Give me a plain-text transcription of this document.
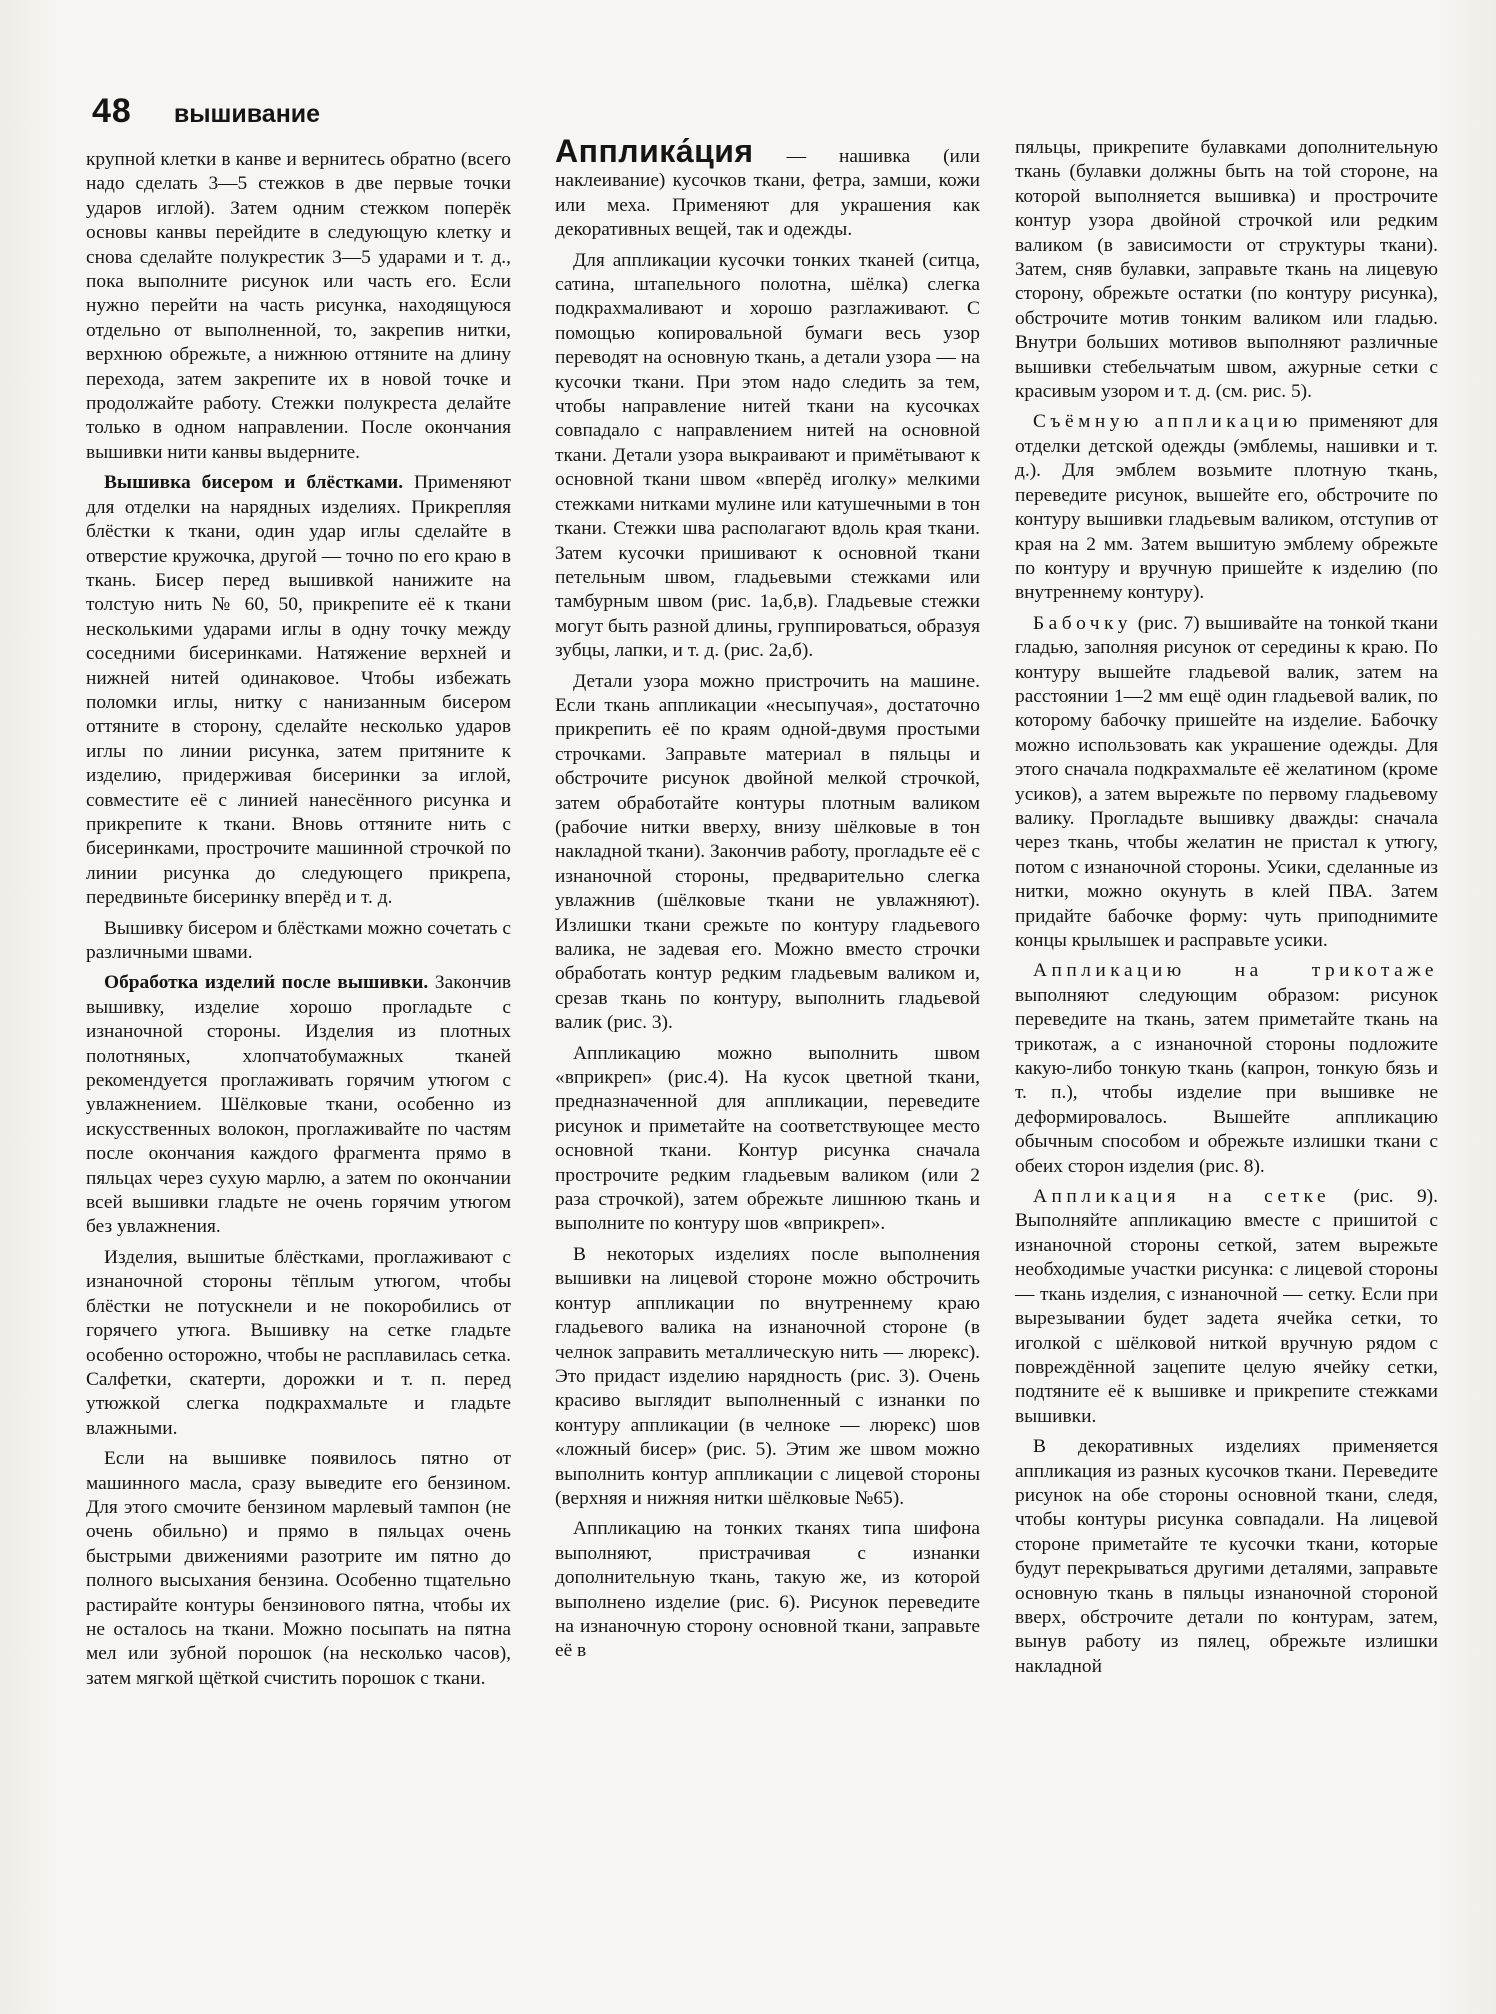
48 вышивание

крупной клетки в канве и вернитесь обратно (всего надо сделать 3—5 стежков в две первые точки ударов иглой). Затем одним стежком поперёк основы канвы перейдите в следующую клетку и снова сделайте полукрестик 3—5 ударами и т. д., пока выполните рисунок или часть его. Если нужно перейти на часть рисунка, находящуюся отдельно от выполненной, то, закрепив нитки, верхнюю обрежьте, а нижнюю оттяните на длину перехода, затем закрепите их в новой точке и продолжайте работу. Стежки полукреста делайте только в одном направлении. После окончания вышивки нити канвы выдерните.

Вышивка бисером и блёстками. Применяют для отделки на нарядных изделиях. Прикрепляя блёстки к ткани, один удар иглы сделайте в отверстие кружочка, другой — точно по его краю в ткань. Бисер перед вышивкой нанижите на толстую нить № 60, 50, прикрепите её к ткани несколькими ударами иглы в одну точку между соседними бисеринками. Натяжение верхней и нижней нитей одинаковое. Чтобы избежать поломки иглы, нитку с нанизанным бисером оттяните в сторону, сделайте несколько ударов иглы по линии рисунка, затем притяните к изделию, придерживая бисеринки за иглой, совместите её с линией нанесённого рисунка и прикрепите к ткани. Вновь оттяните нить с бисеринками, прострочите машинной строчкой по линии рисунка до следующего прикрепа, передвиньте бисеринку вперёд и т. д.

Вышивку бисером и блёстками можно сочетать с различными швами.

Обработка изделий после вышивки. Закончив вышивку, изделие хорошо прогладьте с изнаночной стороны. Изделия из плотных полотняных, хлопчатобумажных тканей рекомендуется проглаживать горячим утюгом с увлажнением. Шёлковые ткани, особенно из искусственных волокон, проглаживайте по частям после окончания каждого фрагмента прямо в пяльцах через сухую марлю, а затем по окончании всей вышивки гладьте не очень горячим утюгом без увлажнения.

Изделия, вышитые блёстками, проглаживают с изнаночной стороны тёплым утюгом, чтобы блёстки не потускнели и не покоробились от горячего утюга. Вышивку на сетке гладьте особенно осторожно, чтобы не расплавилась сетка. Салфетки, скатерти, дорожки и т. п. перед утюжкой слегка подкрахмальте и гладьте влажными.

Если на вышивке появилось пятно от машинного масла, сразу выведите его бензином. Для этого смочите бензином марлевый тампон (не очень обильно) и прямо в пяльцах очень быстрыми движениями разотрите им пятно до полного высыхания бензина. Особенно тщательно растирайте контуры бензинового пятна, чтобы их не осталось на ткани. Можно посыпать на пятна мел или зубной порошок (на несколько часов), затем мягкой щёткой счистить порошок с ткани.

Апплика́ция — нашивка (или наклеивание) кусочков ткани, фетра, замши, кожи или меха. Применяют для украшения как декоративных вещей, так и одежды.

Для аппликации кусочки тонких тканей (ситца, сатина, штапельного полотна, шёлка) слегка подкрахмаливают и хорошо разглаживают. С помощью копировальной бумаги весь узор переводят на основную ткань, а детали узора — на кусочки ткани. При этом надо следить за тем, чтобы направление нитей ткани на кусочках совпадало с направлением нитей на основной ткани. Детали узора выкраивают и примётывают к основной ткани швом «вперёд иголку» мелкими стежками нитками мулине или катушечными в тон ткани. Стежки шва располагают вдоль края ткани. Затем кусочки пришивают к основной ткани петельным швом, гладьевыми стежками или тамбурным швом (рис. 1а,б,в). Гладьевые стежки могут быть разной длины, группироваться, образуя зубцы, лапки, и т. д. (рис. 2а,б).

Детали узора можно пристрочить на машине. Если ткань аппликации «несыпучая», достаточно прикрепить её по краям одной-двумя простыми строчками. Заправьте материал в пяльцы и обстрочите рисунок двойной мелкой строчкой, затем обработайте контуры плотным валиком (рабочие нитки вверху, внизу шёлковые в тон накладной ткани). Закончив работу, прогладьте её с изнаночной стороны, предварительно слегка увлажнив (шёлковые ткани не увлажняют). Излишки ткани срежьте по контуру гладьевого валика, не задевая его. Можно вместо строчки обработать контур редким гладьевым валиком и, срезав ткань по контуру, выполнить гладьевой валик (рис. 3).

Аппликацию можно выполнить швом «вприкреп» (рис.4). На кусок цветной ткани, предназначенной для аппликации, переведите рисунок и приметайте на соответствующее место основной ткани. Контур рисунка сначала прострочите редким гладьевым валиком (или 2 раза строчкой), затем обрежьте лишнюю ткань и выполните по контуру шов «вприкреп».

В некоторых изделиях после выполнения вышивки на лицевой стороне можно обстрочить контур аппликации по внутреннему краю гладьевого валика на изнаночной стороне (в челнок заправить металлическую нить — люрекс). Это придаст изделию нарядность (рис. 3). Очень красиво выглядит выполненный с изнанки по контуру аппликации (в челноке — люрекс) шов «ложный бисер» (рис. 5). Этим же швом можно выполнить контур аппликации с лицевой стороны (верхняя и нижняя нитки шёлковые №65).

Аппликацию на тонких тканях типа шифона выполняют, пристрачивая с изнанки дополнительную ткань, такую же, из которой выполнено изделие (рис. 6). Рисунок переведите на изнаночную сторону основной ткани, заправьте её в

пяльцы, прикрепите булавками дополнительную ткань (булавки должны быть на той стороне, на которой выполняется вышивка) и прострочите контур узора двойной строчкой или редким валиком (в зависимости от структуры ткани). Затем, сняв булавки, заправьте ткань на лицевую сторону, обрежьте остатки (по контуру рисунка), обстрочите мотив тонким валиком или гладью. Внутри больших мотивов выполняют различные вышивки стебельчатым швом, ажурные сетки с красивым узором и т. д. (см. рис. 5).

Съёмную аппликацию применяют для отделки детской одежды (эмблемы, нашивки и т. д.). Для эмблем возьмите плотную ткань, переведите рисунок, вышейте его, обстрочите по контуру вышивки гладьевым валиком, отступив от края на 2 мм. Затем вышитую эмблему обрежьте по контуру и вручную пришейте к изделию (по внутреннему контуру).

Бабочку (рис. 7) вышивайте на тонкой ткани гладью, заполняя рисунок от середины к краю. По контуру вышейте гладьевой валик, затем на расстоянии 1—2 мм ещё один гладьевой валик, по которому бабочку пришейте на изделие. Бабочку можно использовать как украшение одежды. Для этого сначала подкрахмальте её желатином (кроме усиков), а затем вырежьте по первому гладьевому валику. Прогладьте вышивку дважды: сначала через ткань, чтобы желатин не пристал к утюгу, потом с изнаночной стороны. Усики, сделанные из нитки, можно окунуть в клей ПВА. Затем придайте бабочке форму: чуть приподнимите концы крылышек и расправьте усики.

Аппликацию на трикотаже выполняют следующим образом: рисунок переведите на ткань, затем приметайте ткань на трикотаж, а с изнаночной стороны подложите какую-либо тонкую ткань (капрон, тонкую бязь и т. п.), чтобы изделие при вышивке не деформировалось. Вышейте аппликацию обычным способом и обрежьте излишки ткани с обеих сторон изделия (рис. 8).

Аппликация на сетке (рис. 9). Выполняйте аппликацию вместе с пришитой с изнаночной стороны сеткой, затем вырежьте необходимые участки рисунка: с лицевой стороны — ткань изделия, с изнаночной — сетку. Если при вырезывании будет задета ячейка сетки, то иголкой с шёлковой ниткой вручную рядом с повреждённой зацепите целую ячейку сетки, подтяните её к вышивке и прикрепите стежками вышивки.

В декоративных изделиях применяется аппликация из разных кусочков ткани. Переведите рисунок на обе стороны основной ткани, следя, чтобы контуры рисунка совпадали. На лицевой стороне приметайте те кусочки ткани, которые будут перекрываться другими деталями, заправьте основную ткань в пяльцы изнаночной стороной вверх, обстрочите детали по контурам, затем, вынув работу из пялец, обрежьте излишки накладной
